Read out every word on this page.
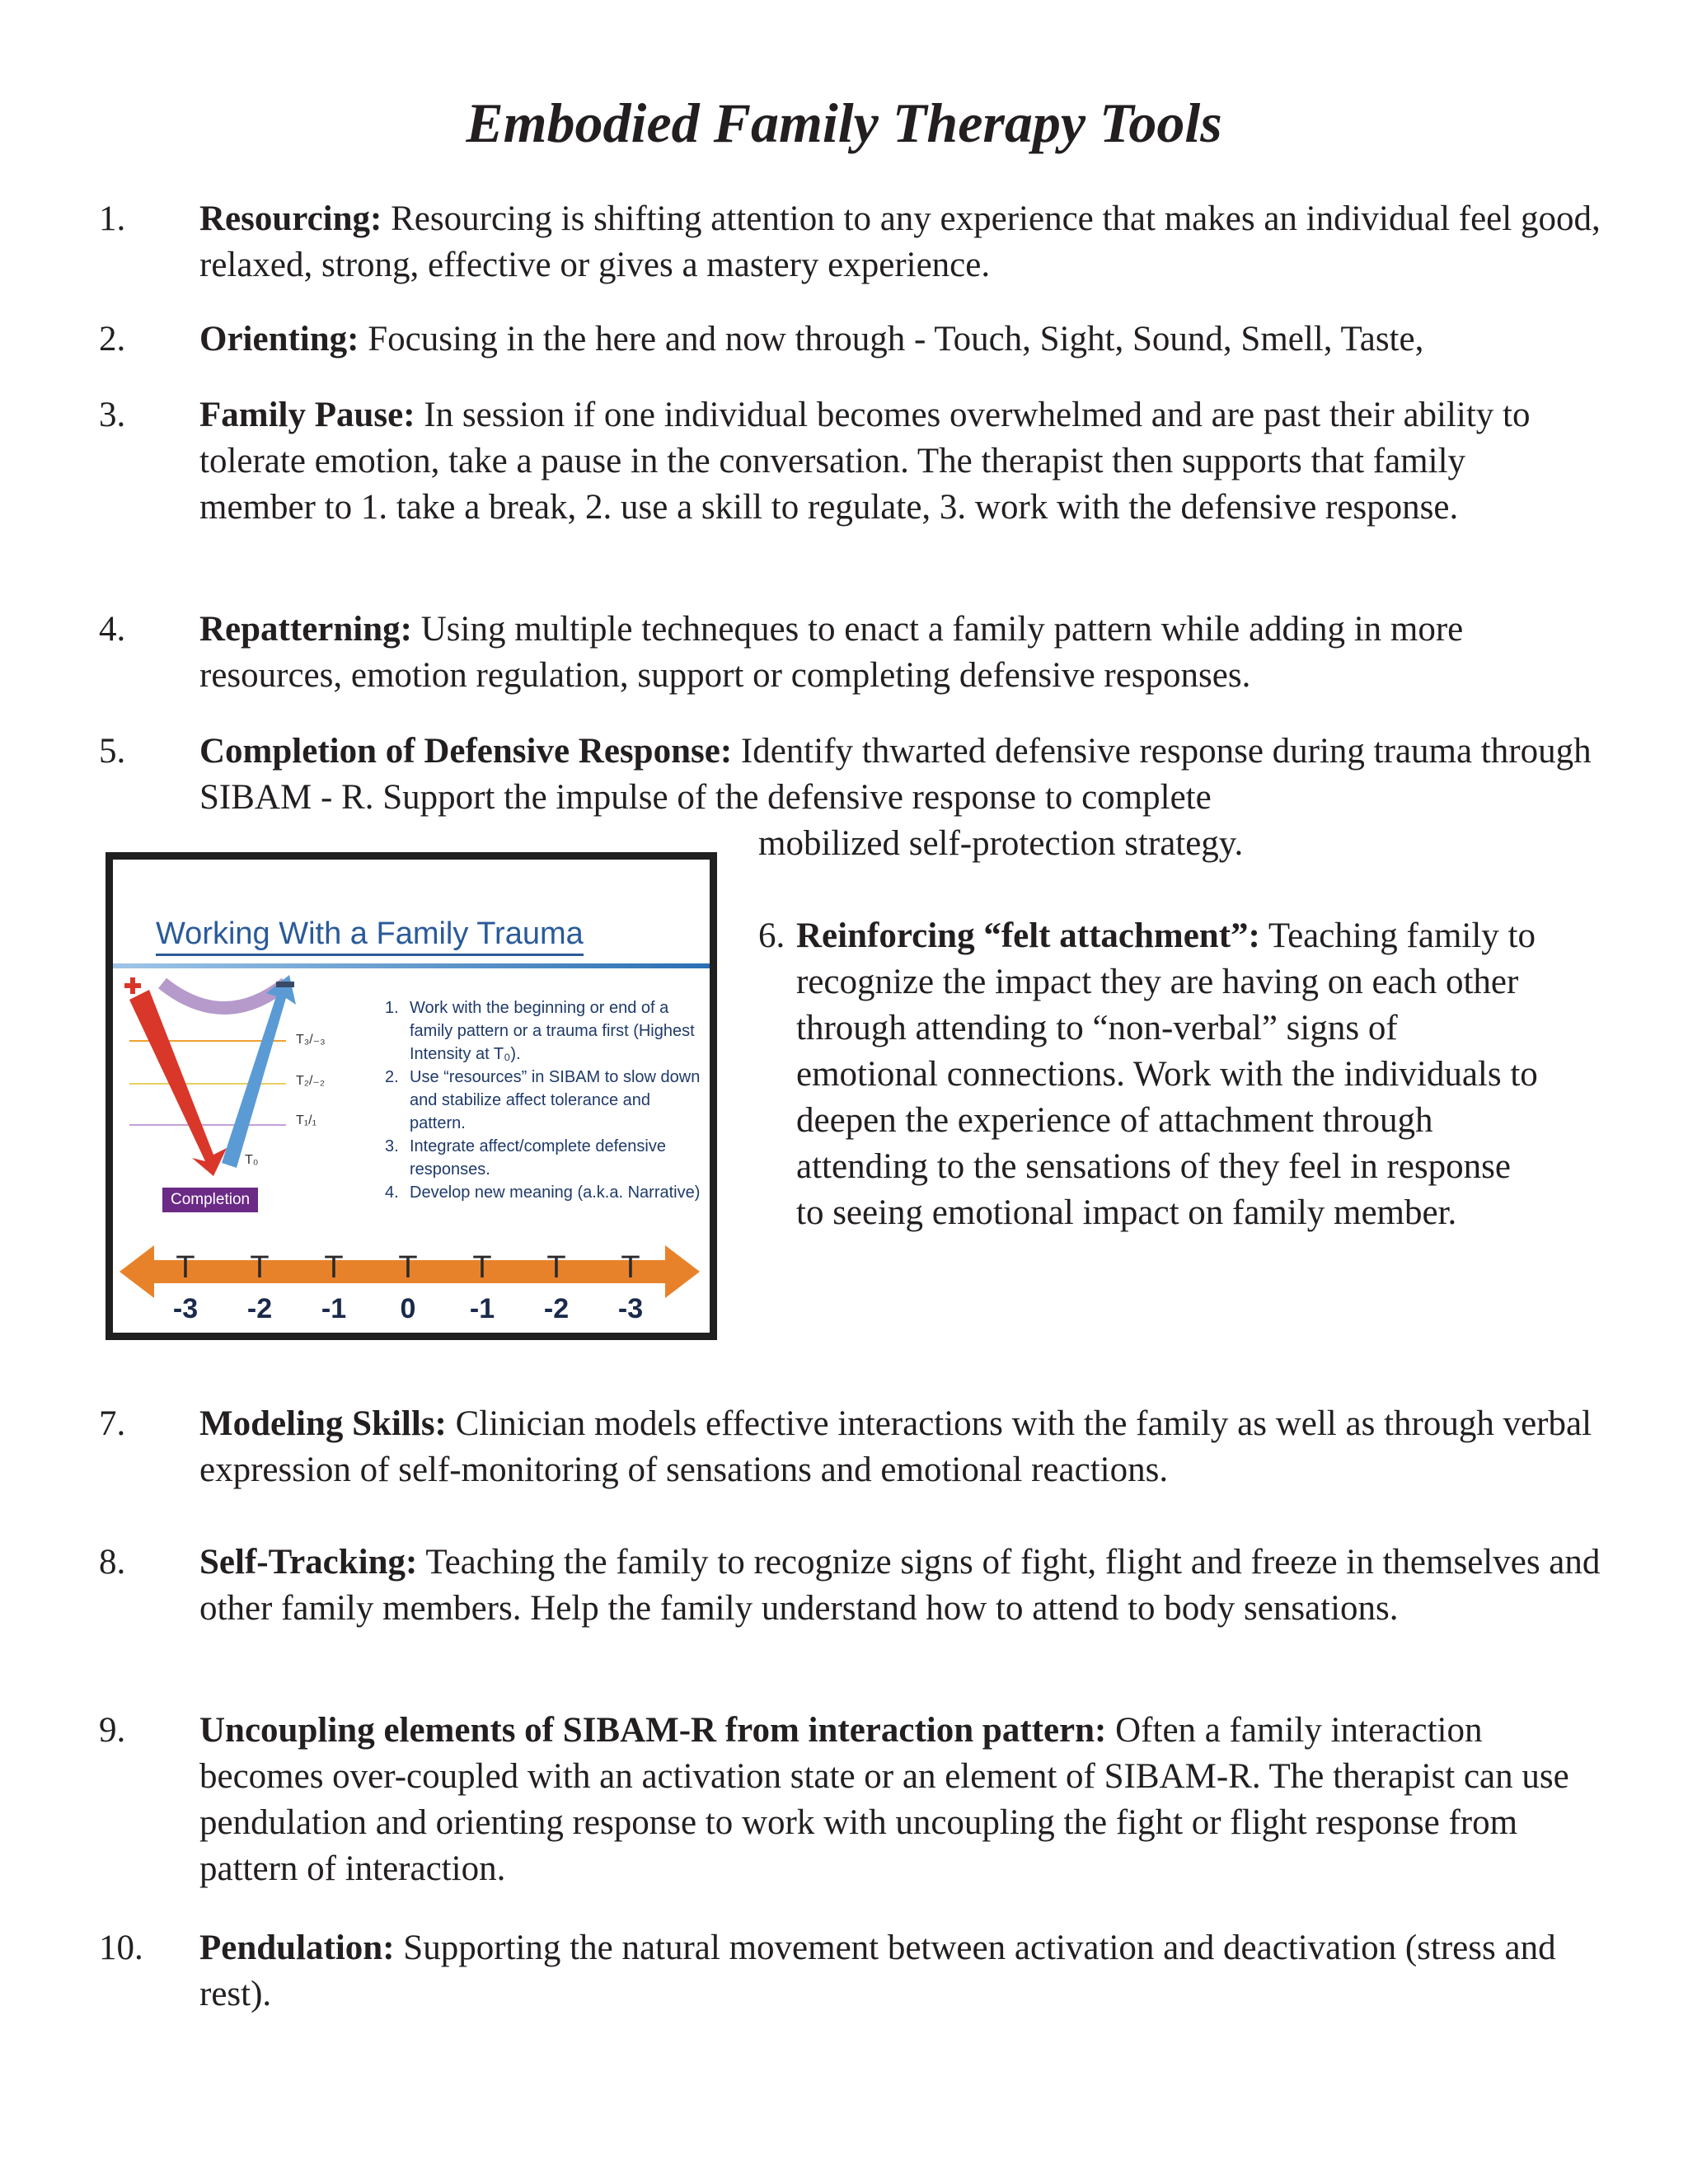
Embodied Family Therapy Tools
1. Resourcing: Resourcing is shifting attention to any experience that makes an individual feel good, relaxed, strong, effective or gives a mastery experience.
2. Orienting: Focusing in the here and now through - Touch, Sight, Sound, Smell, Taste,
3. Family Pause: In session if one individual becomes overwhelmed and are past their ability to tolerate emotion, take a pause in the conversation. The therapist then supports that family member to 1. take a break, 2. use a skill to regulate, 3. work with the defensive response.
4. Repatterning: Using multiple techneques to enact a family pattern while adding in more resources, emotion regulation, support or completing defensive responses.
5. Completion of Defensive Response: Identify thwarted defensive response during trauma through SIBAM - R. Support the impulse of the defensive response to complete
mobilized self-protection strategy.
Working With a Family Trauma
T₃/₋₃
T₂/₋₂
T₁/₁
T₀
Completion
1. Work with the beginning or end of a family pattern or a trauma first (Highest Intensity at T₀).
2. Use “resources” in SIBAM to slow down and stabilize affect tolerance and pattern.
3. Integrate affect/complete defensive responses.
4. Develop new meaning (a.k.a. Narrative)
T T T T T T T
-3	-2	-1	0	-1	-2	-3
6. Reinforcing “felt attachment”: Teaching family to recognize the impact they are having on each other through attending to “non-verbal” signs of emotional connections. Work with the individuals to deepen the experience of attachment through attending to the sensations of they feel in response to seeing emotional impact on family member.
7. Modeling Skills: Clinician models effective interactions with the family as well as through verbal expression of self-monitoring of sensations and emotional reactions.
8. Self-Tracking: Teaching the family to recognize signs of fight, flight and freeze in themselves and other family members. Help the family understand how to attend to body sensations.
9. Uncoupling elements of SIBAM-R from interaction pattern: Often a family interaction becomes over-coupled with an activation state or an element of SIBAM-R. The therapist can use pendulation and orienting response to work with uncoupling the fight or flight response from pattern of interaction.
10. Pendulation: Supporting the natural movement between activation and deactivation (stress and rest).
